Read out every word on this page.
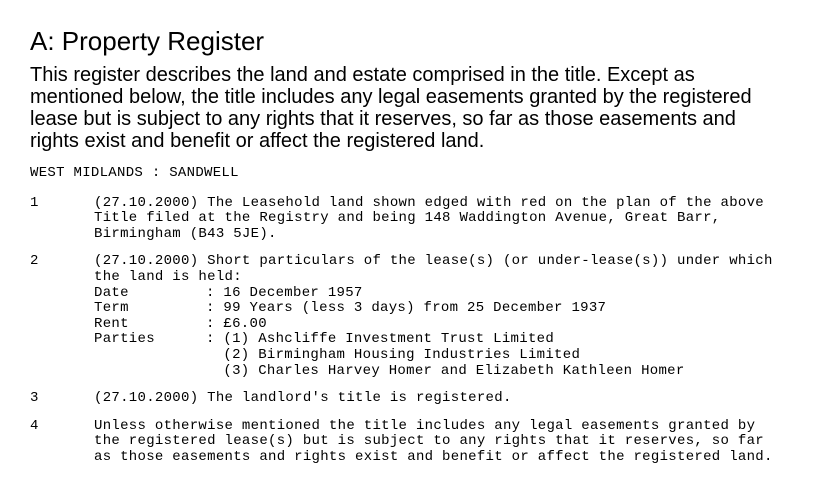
A: Property Register

This register describes the land and estate comprised in the title. Except as mentioned below, the title includes any legal easements granted by the registered lease but is subject to any rights that it reserves, so far as those easements and rights exist and benefit or affect the registered land.

WEST MIDLANDS : SANDWELL
1	(27.10.2000) The Leasehold land shown edged with red on the plan of the above Title filed at the Registry and being 148 Waddington Avenue, Great Barr, Birmingham (B43 5JE).
2	(27.10.2000) Short particulars of the lease(s) (or under-lease(s)) under which the land is held:
Date	: 16 December 1957
Term	: 99 Years (less 3 days) from 25 December 1937
Rent	: £6.00
Parties	: (1) Ashcliffe Investment Trust Limited
(2) Birmingham Housing Industries Limited
(3) Charles Harvey Homer and Elizabeth Kathleen Homer
3	(27.10.2000) The landlord's title is registered.
4	Unless otherwise mentioned the title includes any legal easements granted by the registered lease(s) but is subject to any rights that it reserves, so far as those easements and rights exist and benefit or affect the registered land.
